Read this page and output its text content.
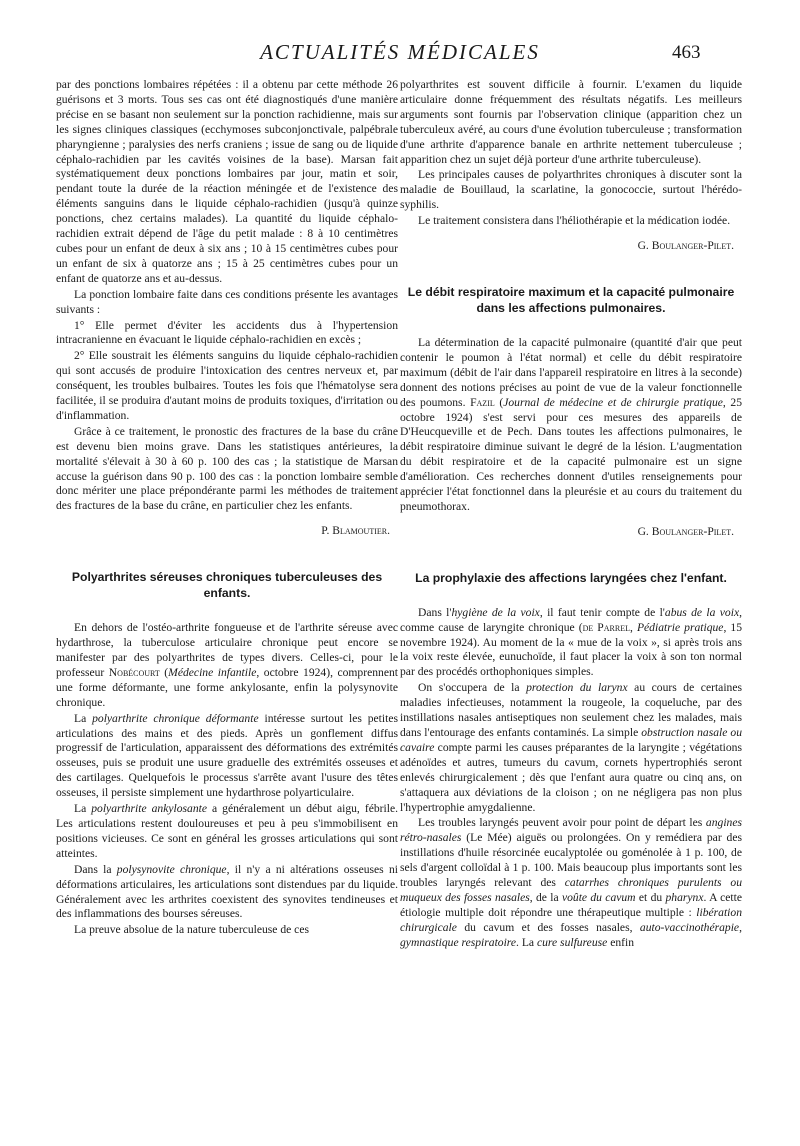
ACTUALITÉS MÉDICALES	463

par des ponctions lombaires répétées : il a obtenu par cette méthode 26 guérisons et 3 morts. Tous ses cas ont été diagnostiqués d'une manière précise en se basant non seulement sur la ponction rachidienne, mais sur les signes cliniques classiques (ecchymoses subconjonctivale, palpébrale pharyngienne ; paralysies des nerfs craniens ; issue de sang ou de liquide céphalo-rachidien par les cavités voisines de la base). Marsan fait systématiquement deux ponctions lombaires par jour, matin et soir, pendant toute la durée de la réaction méningée et de l'existence des éléments sanguins dans le liquide céphalo-rachidien (jusqu'à quinze ponctions, chez certains malades). La quantité du liquide céphalo-rachidien extrait dépend de l'âge du petit malade : 8 à 10 centimètres cubes pour un enfant de deux à six ans ; 10 à 15 centimètres cubes pour un enfant de six à quatorze ans ; 15 à 25 centimètres cubes pour un enfant de quatorze ans et au-dessus.

La ponction lombaire faite dans ces conditions présente les avantages suivants :

1° Elle permet d'éviter les accidents dus à l'hypertension intracranienne en évacuant le liquide céphalo-rachidien en excès ;

2° Elle soustrait les éléments sanguins du liquide céphalo-rachidien qui sont accusés de produire l'intoxication des centres nerveux et, par conséquent, les troubles bulbaires. Toutes les fois que l'hématolyse sera facilitée, il se produira d'autant moins de produits toxiques, d'irritation ou d'inflammation.

Grâce à ce traitement, le pronostic des fractures de la base du crâne est devenu bien moins grave. Dans les statistiques antérieures, la mortalité s'élevait à 30 à 60 p. 100 des cas ; la statistique de Marsan accuse la guérison dans 90 p. 100 des cas : la ponction lombaire semble donc mériter une place prépondérante parmi les méthodes de traitement des fractures de la base du crâne, en particulier chez les enfants.

P. Blamoutier.
Polyarthrites séreuses chroniques tuberculeuses des enfants.

En dehors de l'ostéo-arthrite fongueuse et de l'arthrite séreuse avec hydarthrose, la tuberculose articulaire chronique peut encore se manifester par des polyarthrites de types divers. Celles-ci, pour le professeur Nobécourt (Médecine infantile, octobre 1924), comprennent une forme déformante, une forme ankylosante, enfin la polysynovite chronique.

La polyarthrite chronique déformante intéresse surtout les petites articulations des mains et des pieds. Après un gonflement diffus progressif de l'articulation, apparaissent des déformations des extrémités osseuses, puis se produit une usure graduelle des extrémités osseuses et des cartilages. Quelquefois le processus s'arrête avant l'usure des têtes osseuses, il persiste simplement une hydarthrose polyarticulaire.

La polyarthrite ankylosante a généralement un début aigu, fébrile. Les articulations restent douloureuses et peu à peu s'immobilisent en positions vicieuses. Ce sont en général les grosses articulations qui sont atteintes.

Dans la polysynovite chronique, il n'y a ni altérations osseuses ni déformations articulaires, les articulations sont distendues par du liquide. Généralement avec les arthrites coexistent des synovites tendineuses et des inflammations des bourses séreuses.

La preuve absolue de la nature tuberculeuse de ces

polyarthrites est souvent difficile à fournir. L'examen du liquide articulaire donne fréquemment des résultats négatifs. Les meilleurs arguments sont fournis par l'observation clinique (apparition chez un tuberculeux avéré, au cours d'une évolution tuberculeuse ; transformation d'une arthrite d'apparence banale en arthrite nettement tuberculeuse ; apparition chez un sujet déjà porteur d'une arthrite tuberculeuse).

Les principales causes de polyarthrites chroniques à discuter sont la maladie de Bouillaud, la scarlatine, la gonococcie, surtout l'hérédo-syphilis.

Le traitement consistera dans l'héliothérapie et la médication iodée.

G. Boulanger-Pilet.
Le débit respiratoire maximum et la capacité pulmonaire dans les affections pulmonaires.

La détermination de la capacité pulmonaire (quantité d'air que peut contenir le poumon à l'état normal) et celle du débit respiratoire maximum (débit de l'air dans l'appareil respiratoire en litres à la seconde) donnent des notions précises au point de vue de la valeur fonctionnelle des poumons. Fazil (Journal de médecine et de chirurgie pratique, 25 octobre 1924) s'est servi pour ces mesures des appareils de D'Heucqueville et de Pech. Dans toutes les affections pulmonaires, le débit respiratoire diminue suivant le degré de la lésion. L'augmentation du débit respiratoire et de la capacité pulmonaire est un signe d'amélioration. Ces recherches donnent d'utiles renseignements pour apprécier l'état fonctionnel dans la pleurésie et au cours du traitement du pneumothorax.

G. Boulanger-Pilet.
La prophylaxie des affections laryngées chez l'enfant.

Dans l'hygiène de la voix, il faut tenir compte de l'abus de la voix, comme cause de laryngite chronique (de Parrel, Pédiatrie pratique, 15 novembre 1924). Au moment de la « mue de la voix », si après trois ans la voix reste élevée, eunuchoïde, il faut placer la voix à son ton normal par des procédés orthophoniques simples.

On s'occupera de la protection du larynx au cours de certaines maladies infectieuses, notamment la rougeole, la coqueluche, par des instillations nasales antiseptiques non seulement chez les malades, mais dans l'entourage des enfants contaminés. La simple obstruction nasale ou cavaire compte parmi les causes préparantes de la laryngite ; végétations adénoïdes et autres, tumeurs du cavum, cornets hypertrophiés seront enlevés chirurgicalement ; dès que l'enfant aura quatre ou cinq ans, on s'attaquera aux déviations de la cloison ; on ne négligera pas non plus l'hypertrophie amygdalienne.

Les troubles laryngés peuvent avoir pour point de départ les angines rétro-nasales (Le Mée) aiguës ou prolongées. On y remédiera par des instillations d'huile résorcinée eucalyptolée ou goménolée à 1 p. 100, de sels d'argent colloïdal à 1 p. 100. Mais beaucoup plus importants sont les troubles laryngés relevant des catarrhes chroniques purulents ou muqueux des fosses nasales, de la voûte du cavum et du pharynx. A cette étiologie multiple doit répondre une thérapeutique multiple : libération chirurgicale du cavum et des fosses nasales, auto-vaccinothérapie, gymnastique respiratoire. La cure sulfureuse enfin
